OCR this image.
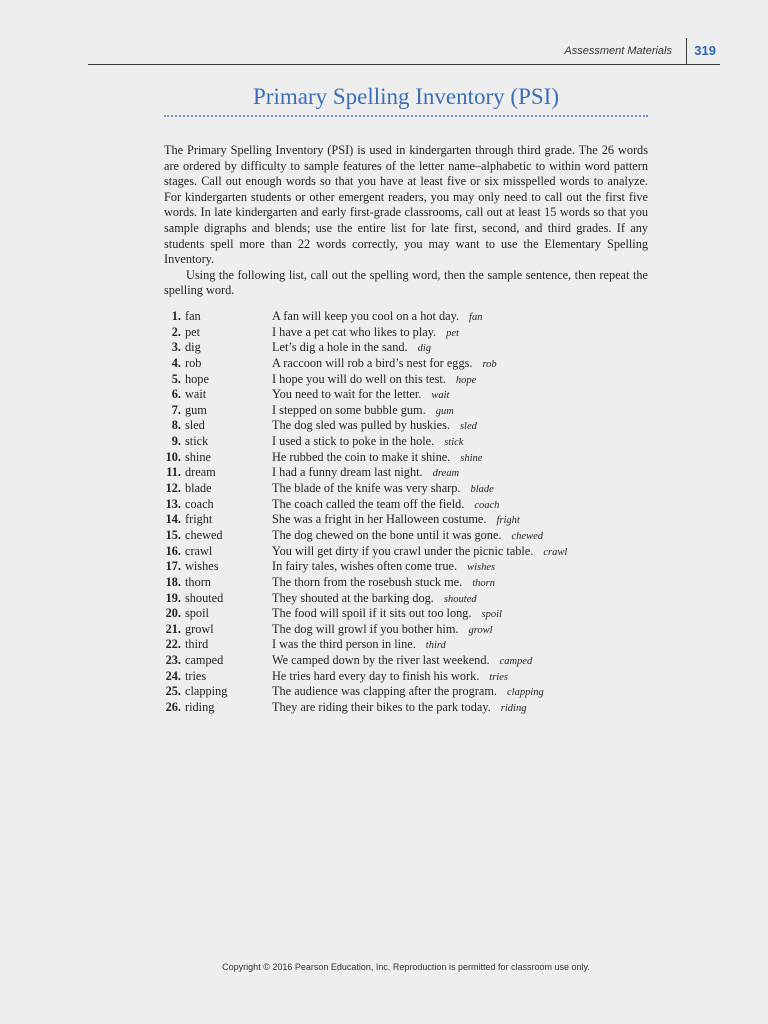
Assessment Materials 319
Primary Spelling Inventory (PSI)

The Primary Spelling Inventory (PSI) is used in kindergarten through third grade. The 26 words are ordered by difficulty to sample features of the letter name–alphabetic to within word pattern stages. Call out enough words so that you have at least five or six misspelled words to analyze. For kindergarten students or other emergent readers, you may only need to call out the first five words. In late kindergarten and early first-grade classrooms, call out at least 15 words so that you sample digraphs and blends; use the entire list for late first, second, and third grades. If any students spell more than 22 words correctly, you may want to use the Elementary Spelling Inventory.

Using the following list, call out the spelling word, then the sample sentence, then repeat the spelling word.

1. fan	A fan will keep you cool on a hot day. fan
2. pet	I have a pet cat who likes to play. pet
3. dig	Let’s dig a hole in the sand. dig
4. rob	A raccoon will rob a bird’s nest for eggs. rob
5. hope	I hope you will do well on this test. hope
6. wait	You need to wait for the letter. wait
7. gum	I stepped on some bubble gum. gum
8. sled	The dog sled was pulled by huskies. sled
9. stick	I used a stick to poke in the hole. stick
10. shine	He rubbed the coin to make it shine. shine
11. dream	I had a funny dream last night. dream
12. blade	The blade of the knife was very sharp. blade
13. coach	The coach called the team off the field. coach
14. fright	She was a fright in her Halloween costume. fright
15. chewed	The dog chewed on the bone until it was gone. chewed
16. crawl	You will get dirty if you crawl under the picnic table. crawl
17. wishes	In fairy tales, wishes often come true. wishes
18. thorn	The thorn from the rosebush stuck me. thorn
19. shouted	They shouted at the barking dog. shouted
20. spoil	The food will spoil if it sits out too long. spoil
21. growl	The dog will growl if you bother him. growl
22. third	I was the third person in line. third
23. camped	We camped down by the river last weekend. camped
24. tries	He tries hard every day to finish his work. tries
25. clapping	The audience was clapping after the program. clapping
26. riding	They are riding their bikes to the park today. riding
Copyright © 2016 Pearson Education, Inc. Reproduction is permitted for classroom use only.
